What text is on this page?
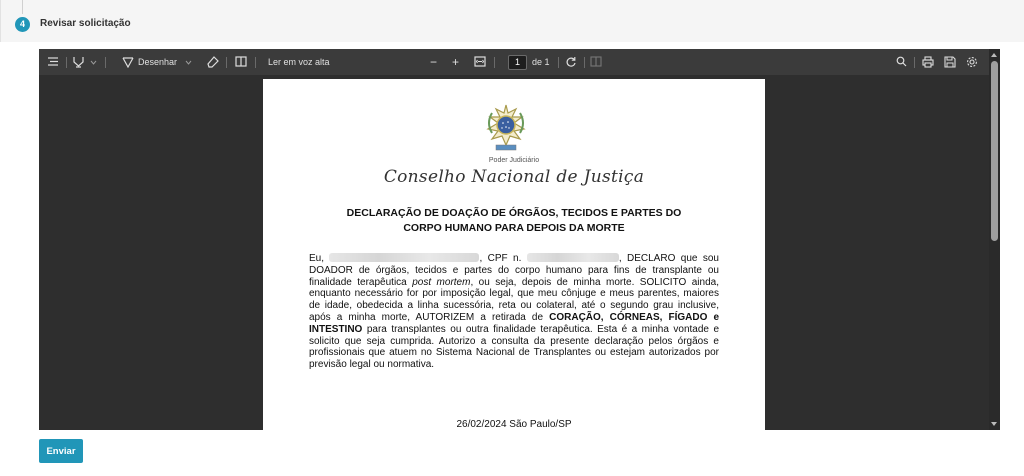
4	Revisar solicitação
Desenhar	Ler em voz alta	− +	1	de 1
Poder Judiciário
Conselho Nacional de Justiça
DECLARAÇÃO DE DOAÇÃO DE ÓRGÃOS, TECIDOS E PARTES DO
CORPO HUMANO PARA DEPOIS DA MORTE
Eu,	, CPF n.	, DECLARO que sou DOADOR de órgãos, tecidos e partes do corpo humano para fins de transplante ou finalidade terapêutica post mortem, ou seja, depois de minha morte. SOLICITO ainda, enquanto necessário for por imposição legal, que meu cônjuge e meus parentes, maiores de idade, obedecida a linha sucessória, reta ou colateral, até o segundo grau inclusive, após a minha morte, AUTORIZEM a retirada de CORAÇÃO, CÓRNEAS, FÍGADO e INTESTINO para transplantes ou outra finalidade terapêutica. Esta é a minha vontade e solicito que seja cumprida. Autorizo a consulta da presente declaração pelos órgãos e profissionais que atuem no Sistema Nacional de Transplantes ou estejam autorizados por previsão legal ou normativa.
26/02/2024 São Paulo/SP
Enviar
